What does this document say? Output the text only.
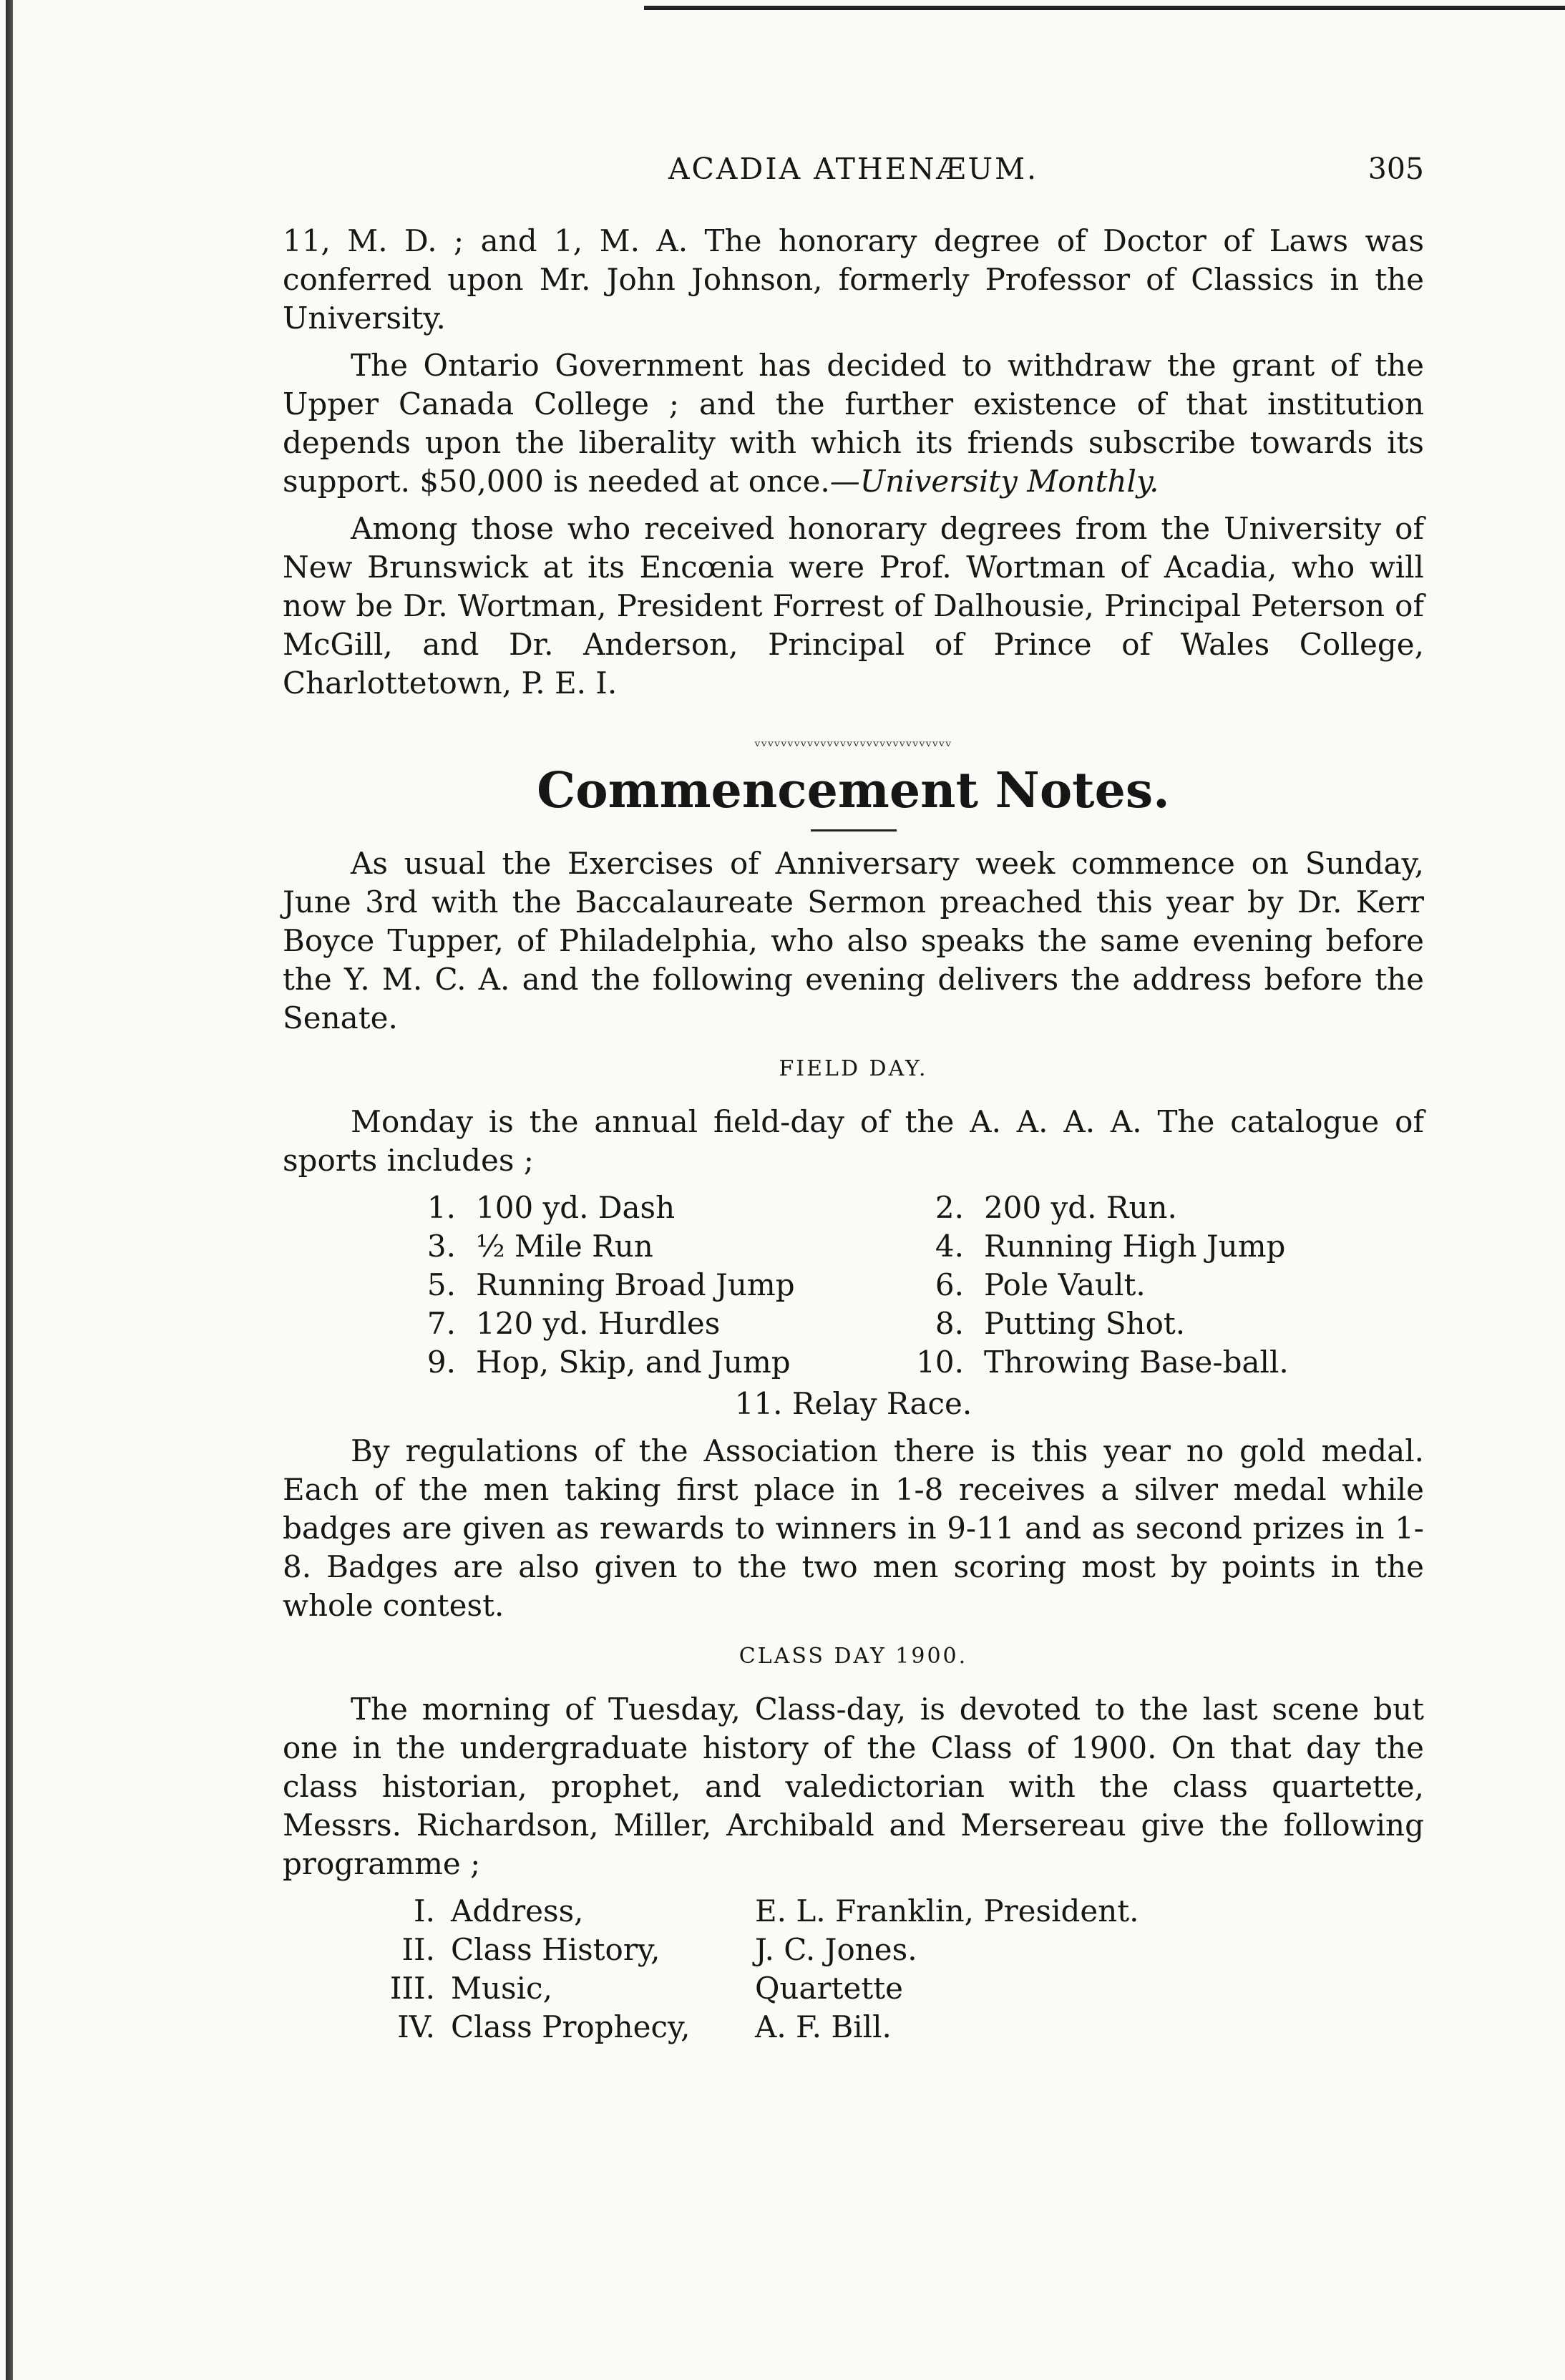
ACADIA ATHENÆUM.	305

11, M. D. ; and 1, M. A. The honorary degree of Doctor of Laws was conferred upon Mr. John Johnson, formerly Professor of Classics in the University.

The Ontario Government has decided to withdraw the grant of the Upper Canada College ; and the further existence of that institution depends upon the liberality with which its friends subscribe towards its support. $50,000 is needed at once.—University Monthly.

Among those who received honorary degrees from the University of New Brunswick at its Encœnia were Prof. Wortman of Acadia, who will now be Dr. Wortman, President Forrest of Dalhousie, Principal Peterson of McGill, and Dr. Anderson, Principal of Prince of Wales College, Charlottetown, P. E. I.

ᵥᵥᵥᵥᵥᵥᵥᵥᵥᵥᵥᵥᵥᵥᵥᵥᵥᵥᵥᵥᵥᵥᵥᵥᵥᵥᵥᵥᵥᵥ
Commencement Notes.

As usual the Exercises of Anniversary week commence on Sunday, June 3rd with the Baccalaureate Sermon preached this year by Dr. Kerr Boyce Tupper, of Philadelphia, who also speaks the same evening before the Y. M. C. A. and the following evening delivers the address before the Senate.

FIELD DAY.

Monday is the annual field-day of the A. A. A. A. The catalogue of sports includes ;

1. 100 yd. Dash	2. 200 yd. Run.
3. ½ Mile Run	4. Running High Jump
5. Running Broad Jump	6. Pole Vault.
7. 120 yd. Hurdles	8. Putting Shot.
9. Hop, Skip, and Jump	10. Throwing Base-ball.
11. Relay Race.

By regulations of the Association there is this year no gold medal. Each of the men taking first place in 1-8 receives a silver medal while badges are given as rewards to winners in 9-11 and as second prizes in 1-8. Badges are also given to the two men scoring most by points in the whole contest.

CLASS DAY 1900.

The morning of Tuesday, Class-day, is devoted to the last scene but one in the undergraduate history of the Class of 1900. On that day the class historian, prophet, and valedictorian with the class quartette, Messrs. Richardson, Miller, Archibald and Mersereau give the following programme ;

I. Address,	E. L. Franklin, President.
II. Class History,	J. C. Jones.
III. Music,	Quartette
IV. Class Prophecy,	A. F. Bill.
